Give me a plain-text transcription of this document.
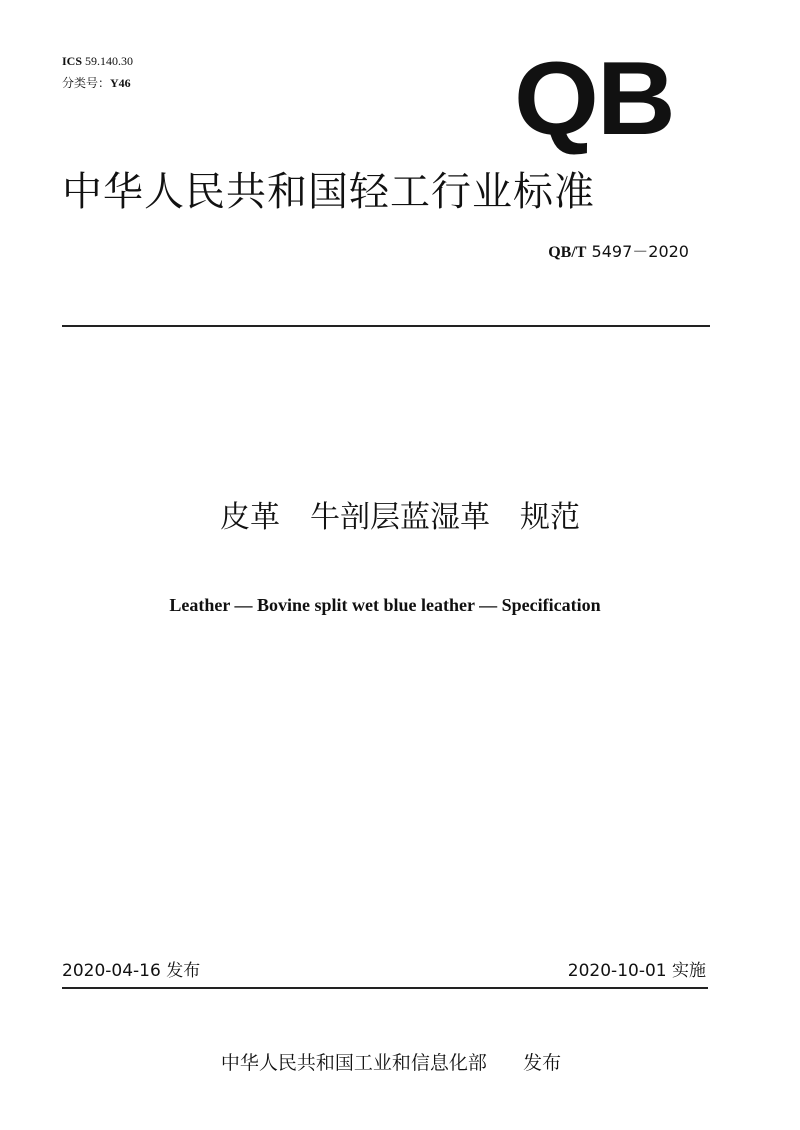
ICS 59.140.30
分类号：Y46	QB
中华人民共和国轻工行业标准
QB/T 5497－2020
皮革　牛剖层蓝湿革　规范
Leather — Bovine split wet blue leather — Specification
2020-04-16 发布	2020-10-01 实施

中华人民共和国工业和信息化部 发布
